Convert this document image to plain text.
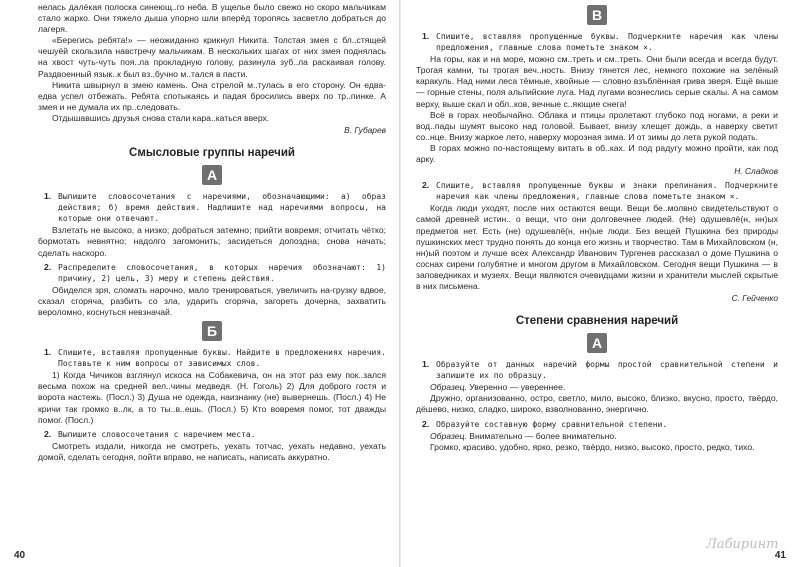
нелась далёкая полоска синеющ..го неба. В ущелье было свежо но скоро мальчикам стало жарко. Они тяжело дыша упорно шли вперёд торопясь засветло добраться до лагеря.

«Берегись ребята!» — неожиданно крикнул Никита. Толстая змея с бл..стящей чешуёй скользила навстречу мальчикам. В нескольких шагах от них змея поднялась на хвост чуть-чуть поя..ла прокладную голову, разинула зуб..ла раскаивая голову. Раздвоенный язык..к был вз..бучно м..тался в пасти.

Никита швырнул в змею камень. Она стрелой м..тулась в его сторону. Он едва-едва успел отбежать. Ребята спотыкаясь и падая бросились вверх по тр..пинке. А змея и не думала их пр..следовать.

Отдышавшись друзья снова стали кара..каться вверх.

В. Губарев
Смысловые группы наречий
А
1. Выпишите словосочетания с наречиями, обозначающими: а) образ действия; б) время действия. Надпишите над наречиями вопросы, на которые они отвечают.

Взлетать не высоко, а низко; добраться затемно; прийти вовремя; отчитать чётко; бормотать невнятно; надолго загомонить; засидеться допоздна; снова начать; сделать наскоро.

2. Распределите словосочетания, в которых наречия обозначают: 1) причину, 2) цель, 3) меру и степень действия.

Обиделся зря, сломать нарочно, мало тренироваться, увеличить на-грузку вдвое, сказал сгоряча, разбить со зла, ударить сгоряча, загореть дочерна, захватить вероломно, коснуться невзначай.

Б
1. Спишите, вставляя пропущенные буквы. Найдите в предложениях наречия. Поставьте к ним вопросы от зависимых слов.

1) Когда Чичиков взглянул искоса на Собакевича, он на этот раз ему пок..зался весьма похож на средней вел..чины медведя. (Н. Гоголь) 2) Для доброго гостя и ворота настежь. (Посл.) 3) Душа не одежда, наизнанку (не) вывернешь. (Посл.) 4) Не кричи так громко в..лк, а то ты..в..ешь. (Посл.) 5) Кто вовремя помог, тот дважды помог. (Посл.)

2. Выпишите словосочетания с наречием места.

Смотреть издали, никогда не смотреть, уехать тотчас, уехать недавно, уехать домой, сделать сегодня, пойти вправо, не написать, написать аккуратно.

40
В
1. Спишите, вставляя пропущенные буквы. Подчеркните наречия как члены предложения, главные слова пометьте знаком ×.

На горы, как и на море, можно см..треть и см..треть. Они были всегда и всегда будут. Трогая камни, ты трогая веч..ность. Внизу тянется лес, немного похожие на зелёный каракуль. Над ними леса тёмные, хвойные — словно взъблённая грива зверя. Ещё выше — горные стены, поля альпийские луга. Над лугами вознеслись серые скалы. А на самом верху, выше скал и обл..ков, вечные с..яющие снега!

Всё в горах необычайно. Облака и птицы пролетают глубоко под ногами, а реки и вод..пады шумят высоко над головой. Бывает, внизу хлещет дождь, а наверху светит со..нце. Внизу жаркое лето, наверху морозная зима. И от зимы до лета рукой подать.

В горах можно по-настоящему витать в об..ках. И под радугу можно пройти, как под арку.

Н. Сладков
2. Спишите, вставляя пропущенные буквы и знаки препинания. Подчеркните наречия как члены предложения, главные слова пометьте знаком ×.

Когда люди уходят, после них остаются вещи. Вещи бе..молвно свидетельствуют о самой древней истин.. о вещи, что они долговечнее людей. (Не) одушевлё(н, нн)ых предметов нет. Есть (не) одушевлё(н, нн)ые люди. Без вещей Пушкина без природы пушкинских мест трудно понять до конца его жизнь и творчество. Там в Михайловском (н, нн)ый поэтом и лучше всех Александр Иванович Тургенев рассказал о доме Пушкина о соснах сирени голубятне и многом другом в Михайловском. Сегодня вещи Пушкина — в заповедниках и музеях. Вещи являются очевидцами жизни и хранители мыслей скрытые в них письмена.

С. Гейченко
Степени сравнения наречий
А
1. Образуйте от данных наречий формы простой сравнительной степени и запишите их по образцу.

Образец. Уверенно — увереннее.

Дружно, организованно, остро, светло, мило, высоко, близко, вкусно, просто, твёрдо, дёшево, низко, сладко, широко, взволнованно, энергично.

2. Образуйте составную форму сравнительной степени.

Образец. Внимательно — более внимательно.

Громко, красиво, удобно, ярко, резко, твёрдо, низко, высоко, просто, редко, тихо.

41
Лабиринт
